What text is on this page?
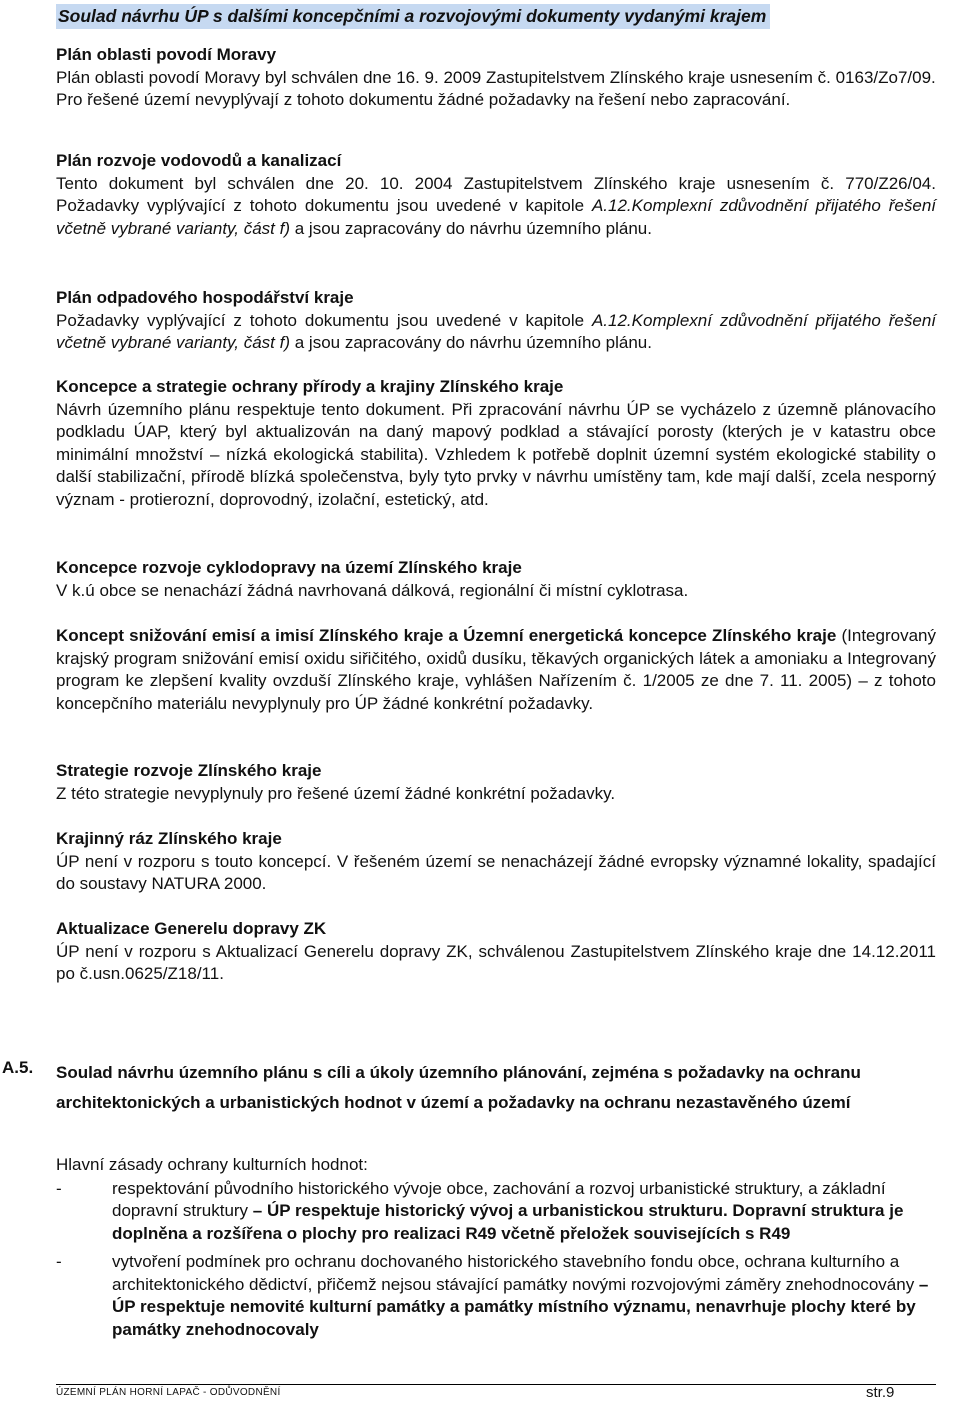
Soulad návrhu ÚP s dalšími koncepčními a rozvojovými dokumenty vydanými krajem
Plán oblasti povodí Moravy
Plán oblasti povodí Moravy byl schválen dne 16. 9. 2009 Zastupitelstvem Zlínského kraje usnesením č. 0163/Zo7/09. Pro řešené území nevyplývají z tohoto dokumentu žádné požadavky na řešení nebo zapracování.
Plán rozvoje vodovodů a kanalizací
Tento dokument byl schválen dne 20. 10. 2004 Zastupitelstvem Zlínského kraje usnesením č. 770/Z26/04. Požadavky vyplývající z tohoto dokumentu jsou uvedené v kapitole A.12.Komplexní zdůvodnění přijatého řešení včetně vybrané varianty, část f) a jsou zapracovány do návrhu územního plánu.
Plán odpadového hospodářství kraje
Požadavky vyplývající z tohoto dokumentu jsou uvedené v kapitole A.12.Komplexní zdůvodnění přijatého řešení včetně vybrané varianty, část f) a jsou zapracovány do návrhu územního plánu.
Koncepce a strategie ochrany přírody a krajiny Zlínského kraje
Návrh územního plánu respektuje tento dokument. Při zpracování návrhu ÚP se vycházelo z územně plánovacího podkladu ÚAP, který byl aktualizován na daný mapový podklad a stávající porosty (kterých je v katastru obce minimální množství – nízká ekologická stabilita). Vzhledem k potřebě doplnit územní systém ekologické stability o další stabilizační, přírodě blízká společenstva, byly tyto prvky v návrhu umístěny tam, kde mají další, zcela nesporný význam - protierozní, doprovodný, izolační, estetický, atd.
Koncepce rozvoje cyklodopravy na území Zlínského kraje
V k.ú obce se nenachází žádná navrhovaná dálková, regionální či místní cyklotrasa.
Koncept snižování emisí a imisí Zlínského kraje a Územní energetická koncepce Zlínského kraje (Integrovaný krajský program snižování emisí oxidu siřičitého, oxidů dusíku, těkavých organických látek a amoniaku a Integrovaný program ke zlepšení kvality ovzduší Zlínského kraje, vyhlášen Nařízením č. 1/2005 ze dne 7. 11. 2005) – z tohoto koncepčního materiálu nevyplynuly pro ÚP žádné konkrétní požadavky.
Strategie rozvoje Zlínského kraje
Z této strategie nevyplynuly pro řešené území žádné konkrétní požadavky.
Krajinný ráz Zlínského kraje
ÚP není v rozporu s touto koncepcí. V řešeném území se nenacházejí žádné evropsky významné lokality, spadající do soustavy NATURA 2000.
Aktualizace Generelu dopravy ZK
ÚP není v rozporu s Aktualizací Generelu dopravy ZK, schválenou Zastupitelstvem Zlínského kraje dne 14.12.2011 po č.usn.0625/Z18/11.
A.5.	Soulad návrhu územního plánu s cíli a úkoly územního plánování, zejména s požadavky na ochranu architektonických a urbanistických hodnot v území a požadavky na ochranu nezastavěného území
Hlavní zásady ochrany kulturních hodnot:
-	respektování původního historického vývoje obce, zachování a rozvoj urbanistické struktury, a základní dopravní struktury – ÚP respektuje historický vývoj a urbanistickou strukturu. Dopravní struktura je doplněna a rozšířena o plochy pro realizaci R49 včetně přeložek souvisejících s R49
-	vytvoření podmínek pro ochranu dochovaného historického stavebního fondu obce, ochrana kulturního a architektonického dědictví, přičemž nejsou stávající památky novými rozvojovými záměry znehodnocovány – ÚP respektuje nemovité kulturní památky a památky místního významu, nenavrhuje plochy které by památky znehodnocovaly
ÚZEMNÍ PLÁN HORNÍ LAPAČ - ODŮVODNĚNÍ	str.9
